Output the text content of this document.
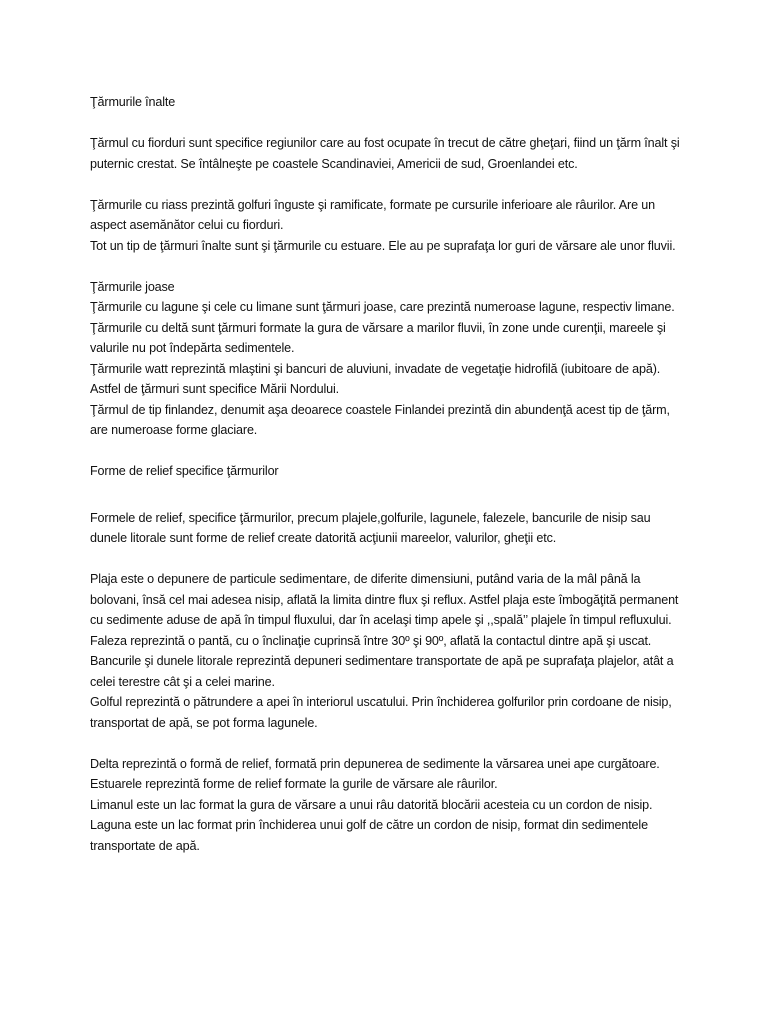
Ţărmurile înalte

Ţărmul cu fiorduri sunt specifice regiunilor care au fost ocupate în trecut de către gheţari, fiind un ţărm înalt şi puternic crestat. Se întâlneşte pe coastele Scandinaviei, Americii de sud, Groenlandei etc.

Ţărmurile cu riass prezintă golfuri înguste şi ramificate, formate pe cursurile inferioare ale râurilor. Are un aspect asemănător celui cu fiorduri.

Tot un tip de ţărmuri înalte sunt şi ţărmurile cu estuare. Ele au pe suprafaţa lor guri de vărsare ale unor fluvii.

Ţărmurile joase

Ţărmurile cu lagune şi cele cu limane sunt ţărmuri joase, care prezintă numeroase lagune, respectiv limane.

Ţărmurile cu deltă sunt ţărmuri formate la gura de vărsare a marilor fluvii, în zone unde curenţii, mareele şi valurile nu pot îndepărta sedimentele.

Ţărmurile watt reprezintă mlaştini şi bancuri de aluviuni, invadate de vegetaţie hidrofilă (iubitoare de apă). Astfel de ţărmuri sunt specifice Mării Nordului.

Ţărmul de tip finlandez, denumit aşa deoarece coastele Finlandei prezintă din abundenţă acest tip de ţărm, are numeroase forme glaciare.

Forme de relief specifice ţărmurilor

Formele de relief, specifice ţărmurilor, precum plajele,golfurile, lagunele, falezele, bancurile de nisip sau dunele litorale sunt forme de relief create datorită acţiunii mareelor, valurilor, gheţii etc.

Plaja este o depunere de particule sedimentare, de diferite dimensiuni, putând varia de la mâl până la bolovani, însă cel mai adesea nisip, aflată la limita dintre flux şi reflux. Astfel plaja este îmbogăţită permanent cu sedimente aduse de apă în timpul fluxului, dar în acelaşi timp apele şi ,,spală’’ plajele în timpul refluxului.

Faleza reprezintă o pantă, cu o înclinaţie cuprinsă între 30º şi 90º, aflată la contactul dintre apă şi uscat.

Bancurile şi dunele litorale reprezintă depuneri sedimentare transportate de apă pe suprafaţa plajelor, atât a celei terestre cât şi a celei marine.

Golful reprezintă o pătrundere a apei în interiorul uscatului. Prin închiderea golfurilor prin cordoane de nisip, transportat de apă, se pot forma lagunele.

Delta reprezintă o formă de relief, formată prin depunerea de sedimente la vărsarea unei ape curgătoare.

Estuarele reprezintă forme de relief formate la gurile de vărsare ale râurilor.

Limanul este un lac format la gura de vărsare a unui râu datorită blocării acesteia cu un cordon de nisip.

Laguna este un lac format prin închiderea unui golf de către un cordon de nisip, format din sedimentele transportate de apă.
